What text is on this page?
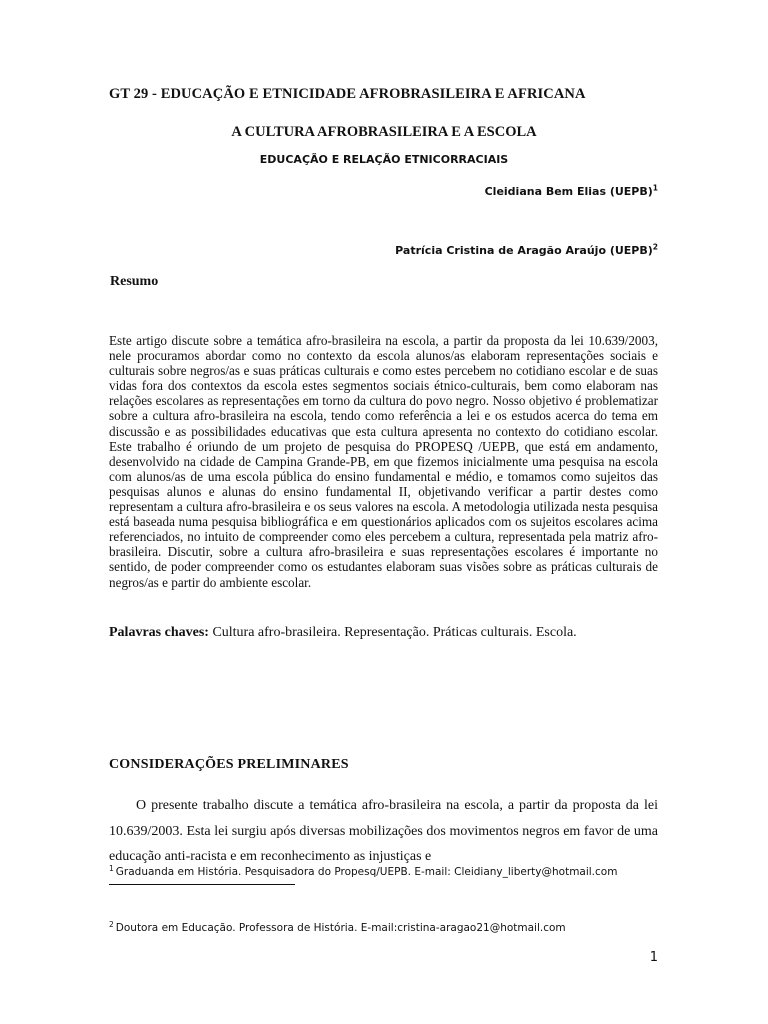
GT 29 - EDUCAÇÃO E ETNICIDADE AFROBRASILEIRA E AFRICANA
A CULTURA AFROBRASILEIRA E A ESCOLA
EDUCAÇÃO E RELAÇÃO ETNICORRACIAIS
Cleidiana Bem Elias (UEPB)$^1$
Patrícia Cristina de Aragão Araújo (UEPB)$^2$
Resumo

Este artigo discute sobre a temática afro-brasileira na escola, a partir da proposta da lei 10.639/2003, nele procuramos abordar como no contexto da escola alunos/as elaboram representações sociais e culturais sobre negros/as e suas práticas culturais e como estes percebem no cotidiano escolar e de suas vidas fora dos contextos da escola estes segmentos sociais étnico-culturais, bem como elaboram nas relações escolares as representações em torno da cultura do povo negro. Nosso objetivo é problematizar sobre a cultura afro-brasileira na escola, tendo como referência a lei e os estudos acerca do tema em discussão e as possibilidades educativas que esta cultura apresenta no contexto do cotidiano escolar. Este trabalho é oriundo de um projeto de pesquisa do PROPESQ /UEPB, que está em andamento, desenvolvido na cidade de Campina Grande-PB, em que fizemos inicialmente uma pesquisa na escola com alunos/as de uma escola pública do ensino fundamental e médio, e tomamos como sujeitos das pesquisas alunos e alunas do ensino fundamental II, objetivando verificar a partir destes como representam a cultura afro-brasileira e os seus valores na escola. A metodologia utilizada nesta pesquisa está baseada numa pesquisa bibliográfica e em questionários aplicados com os sujeitos escolares acima referenciados, no intuito de compreender como eles percebem a cultura, representada pela matriz afro-brasileira. Discutir, sobre a cultura afro-brasileira e suas representações escolares é importante no sentido, de poder compreender como os estudantes elaboram suas visões sobre as práticas culturais de negros/as e partir do ambiente escolar.

Palavras chaves: Cultura afro-brasileira. Representação. Práticas culturais. Escola.
CONSIDERAÇÕES PRELIMINARES

O presente trabalho discute a temática afro-brasileira na escola, a partir da proposta da lei 10.639/2003. Esta lei surgiu após diversas mobilizações dos movimentos negros em favor de uma educação anti-racista e em reconhecimento as injustiças e

$^1$ Graduanda em História. Pesquisadora do Propesq/UEPB. E-mail: Cleidiany_liberty@hotmail.com
$^2$ Doutora em Educação. Professora de História. E-mail:cristina-aragao21@hotmail.com
1
